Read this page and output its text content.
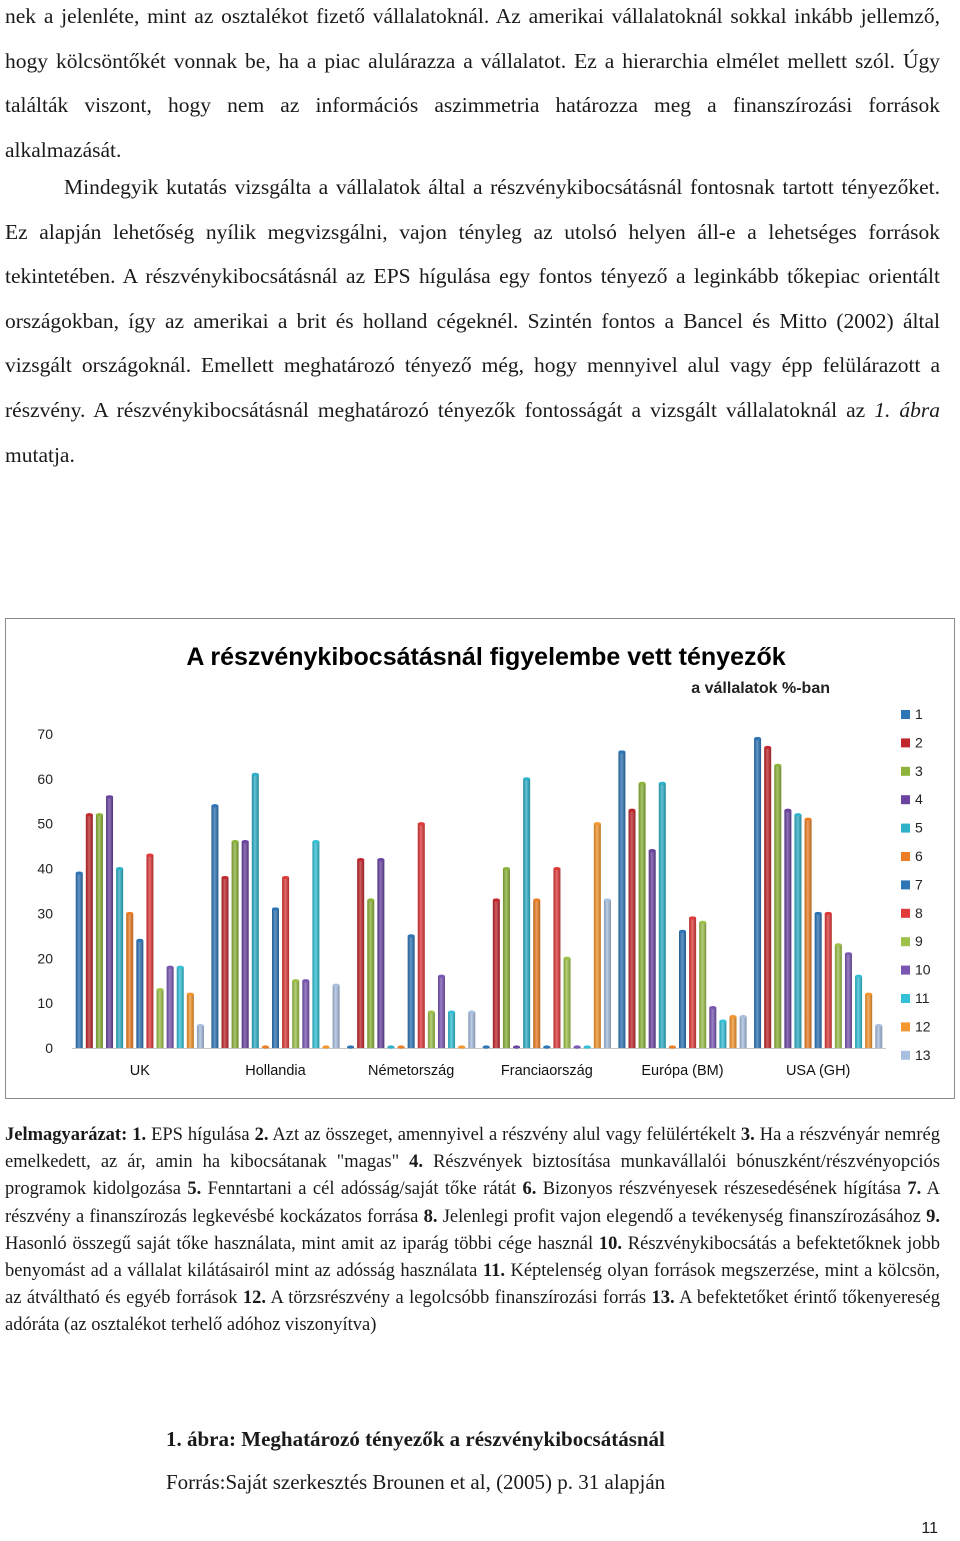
nek a jelenléte, mint az osztalékot fizető vállalatoknál. Az amerikai vállalatoknál sokkal inkább jellemző, hogy kölcsöntőkét vonnak be, ha a piac alulárazza a vállalatot. Ez a hierarchia elmélet mellett szól. Úgy találták viszont, hogy nem az információs aszimmetria határozza meg a finanszírozási források alkalmazását.

Mindegyik kutatás vizsgálta a vállalatok által a részvénykibocsátásnál fontosnak tartott tényezőket. Ez alapján lehetőség nyílik megvizsgálni, vajon tényleg az utolsó helyen áll-e a lehetséges források tekintetében. A részvénykibocsátásnál az EPS hígulása egy fontos tényező a leginkább tőkepiac orientált országokban, így az amerikai a brit és holland cégeknél. Szintén fontos a Bancel és Mitto (2002) által vizsgált országoknál. Emellett meghatározó tényező még, hogy mennyivel alul vagy épp felülárazott a részvény. A részvénykibocsátásnál meghatározó tényezők fontosságát a vizsgált vállalatoknál az 1. ábra mutatja.

A részvénykibocsátásnál figyelembe vett tényezők
a vállalatok %-ban
0
10
20
30
40
50
60
70
UK	Hollandia	Németország	Franciaország	Európa (BM)	USA (GH)
1
2
3
4
5
6
7
8
9
10
11
12
13

Jelmagyarázat: 1. EPS hígulása 2. Azt az összeget, amennyivel a részvény alul vagy felülértékelt 3. Ha a részvényár nemrég emelkedett, az ár, amin ha kibocsátanak "magas" 4. Részvények biztosítása munkavállalói bónuszként/részvényopciós programok kidolgozása 5. Fenntartani a cél adósság/saját tőke rátát 6. Bizonyos részvényesek részesedésének hígítása 7. A részvény a finanszírozás legkevésbé kockázatos forrása 8. Jelenlegi profit vajon elegendő a tevékenység finanszírozásához 9. Hasonló összegű saját tőke használata, mint amit az iparág többi cége használ 10. Részvénykibocsátás a befektetőknek jobb benyomást ad a vállalat kilátásairól mint az adósság használata 11. Képtelenség olyan források megszerzése, mint a kölcsön, az átváltható és egyéb források 12. A törzsrészvény a legolcsóbb finanszírozási forrás 13. A befektetőket érintő tőkenyereség adóráta (az osztalékot terhelő adóhoz viszonyítva)

1. ábra: Meghatározó tényezők a részvénykibocsátásnál

Forrás:Saját szerkesztés Brounen et al, (2005) p. 31 alapján

11
